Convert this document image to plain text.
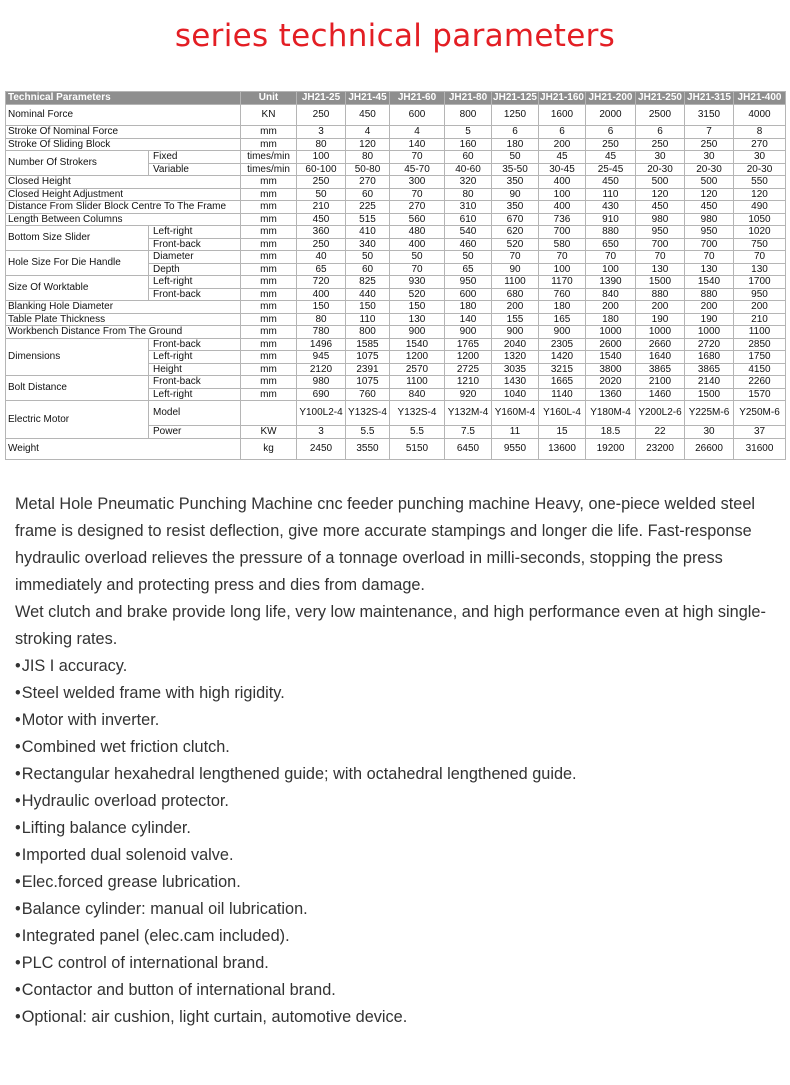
series technical parameters
Technical Parameters		Unit	JH21-25	JH21-45	JH21-60	JH21-80	JH21-125	JH21-160	JH21-200	JH21-250	JH21-315	JH21-400
Nominal Force		KN	250	450	600	800	1250	1600	2000	2500	3150	4000
Stroke Of Nominal Force		mm	3	4	4	5	6	6	6	6	7	8
Stroke Of Sliding Block		mm	80	120	140	160	180	200	250	250	250	270
Number Of Strokers	Fixed	times/min	100	80	70	60	50	45	45	30	30	30
	Variable	times/min	60-100	50-80	45-70	40-60	35-50	30-45	25-45	20-30	20-30	20-30
Closed Height		mm	250	270	300	320	350	400	450	500	500	550
Closed Height Adjustment		mm	50	60	70	80	90	100	110	120	120	120
Distance From Slider Block Centre To The Frame		mm	210	225	270	310	350	400	430	450	450	490
Length Between Columns		mm	450	515	560	610	670	736	910	980	980	1050
Bottom Size Slider	Left-right	mm	360	410	480	540	620	700	880	950	950	1020
	Front-back	mm	250	340	400	460	520	580	650	700	700	750
Hole Size For Die Handle	Diameter	mm	40	50	50	50	70	70	70	70	70	70
	Depth	mm	65	60	70	65	90	100	100	130	130	130
Size Of Worktable	Left-right	mm	720	825	930	950	1100	1170	1390	1500	1540	1700
	Front-back	mm	400	440	520	600	680	760	840	880	880	950
Blanking Hole Diameter		mm	150	150	150	180	200	180	200	200	200	200
Table Plate Thickness		mm	80	110	130	140	155	165	180	190	190	210
Workbench Distance From The Ground		mm	780	800	900	900	900	900	1000	1000	1000	1100
Dimensions	Front-back	mm	1496	1585	1540	1765	2040	2305	2600	2660	2720	2850
	Left-right	mm	945	1075	1200	1200	1320	1420	1540	1640	1680	1750
	Height	mm	2120	2391	2570	2725	3035	3215	3800	3865	3865	4150
Bolt Distance	Front-back	mm	980	1075	1100	1210	1430	1665	2020	2100	2140	2260
	Left-right	mm	690	760	840	920	1040	1140	1360	1460	1500	1570
Electric Motor	Model		Y100L2-4	Y132S-4	Y132S-4	Y132M-4	Y160M-4	Y160L-4	Y180M-4	Y200L2-6	Y225M-6	Y250M-6
	Power	KW	3	5.5	5.5	7.5	11	15	18.5	22	30	37
Weight		kg	2450	3550	5150	6450	9550	13600	19200	23200	26600	31600

Metal Hole Pneumatic Punching Machine cnc feeder punching machine Heavy, one-piece welded steel frame is designed to resist deflection, give more accurate stampings and longer die life. Fast-response hydraulic overload relieves the pressure of a tonnage overload in milli-seconds, stopping the press immediately and protecting press and dies from damage.

Wet clutch and brake provide long life, very low maintenance, and high performance even at high single-stroking rates.

•JIS I accuracy.
•Steel welded frame with high rigidity.
•Motor with inverter.
•Combined wet friction clutch.
•Rectangular hexahedral lengthened guide; with octahedral lengthened guide.
•Hydraulic overload protector.
•Lifting balance cylinder.
•Imported dual solenoid valve.
•Elec.forced grease lubrication.
•Balance cylinder: manual oil lubrication.
•Integrated panel (elec.cam included).
•PLC control of international brand.
•Contactor and button of international brand.
•Optional: air cushion, light curtain, automotive device.
